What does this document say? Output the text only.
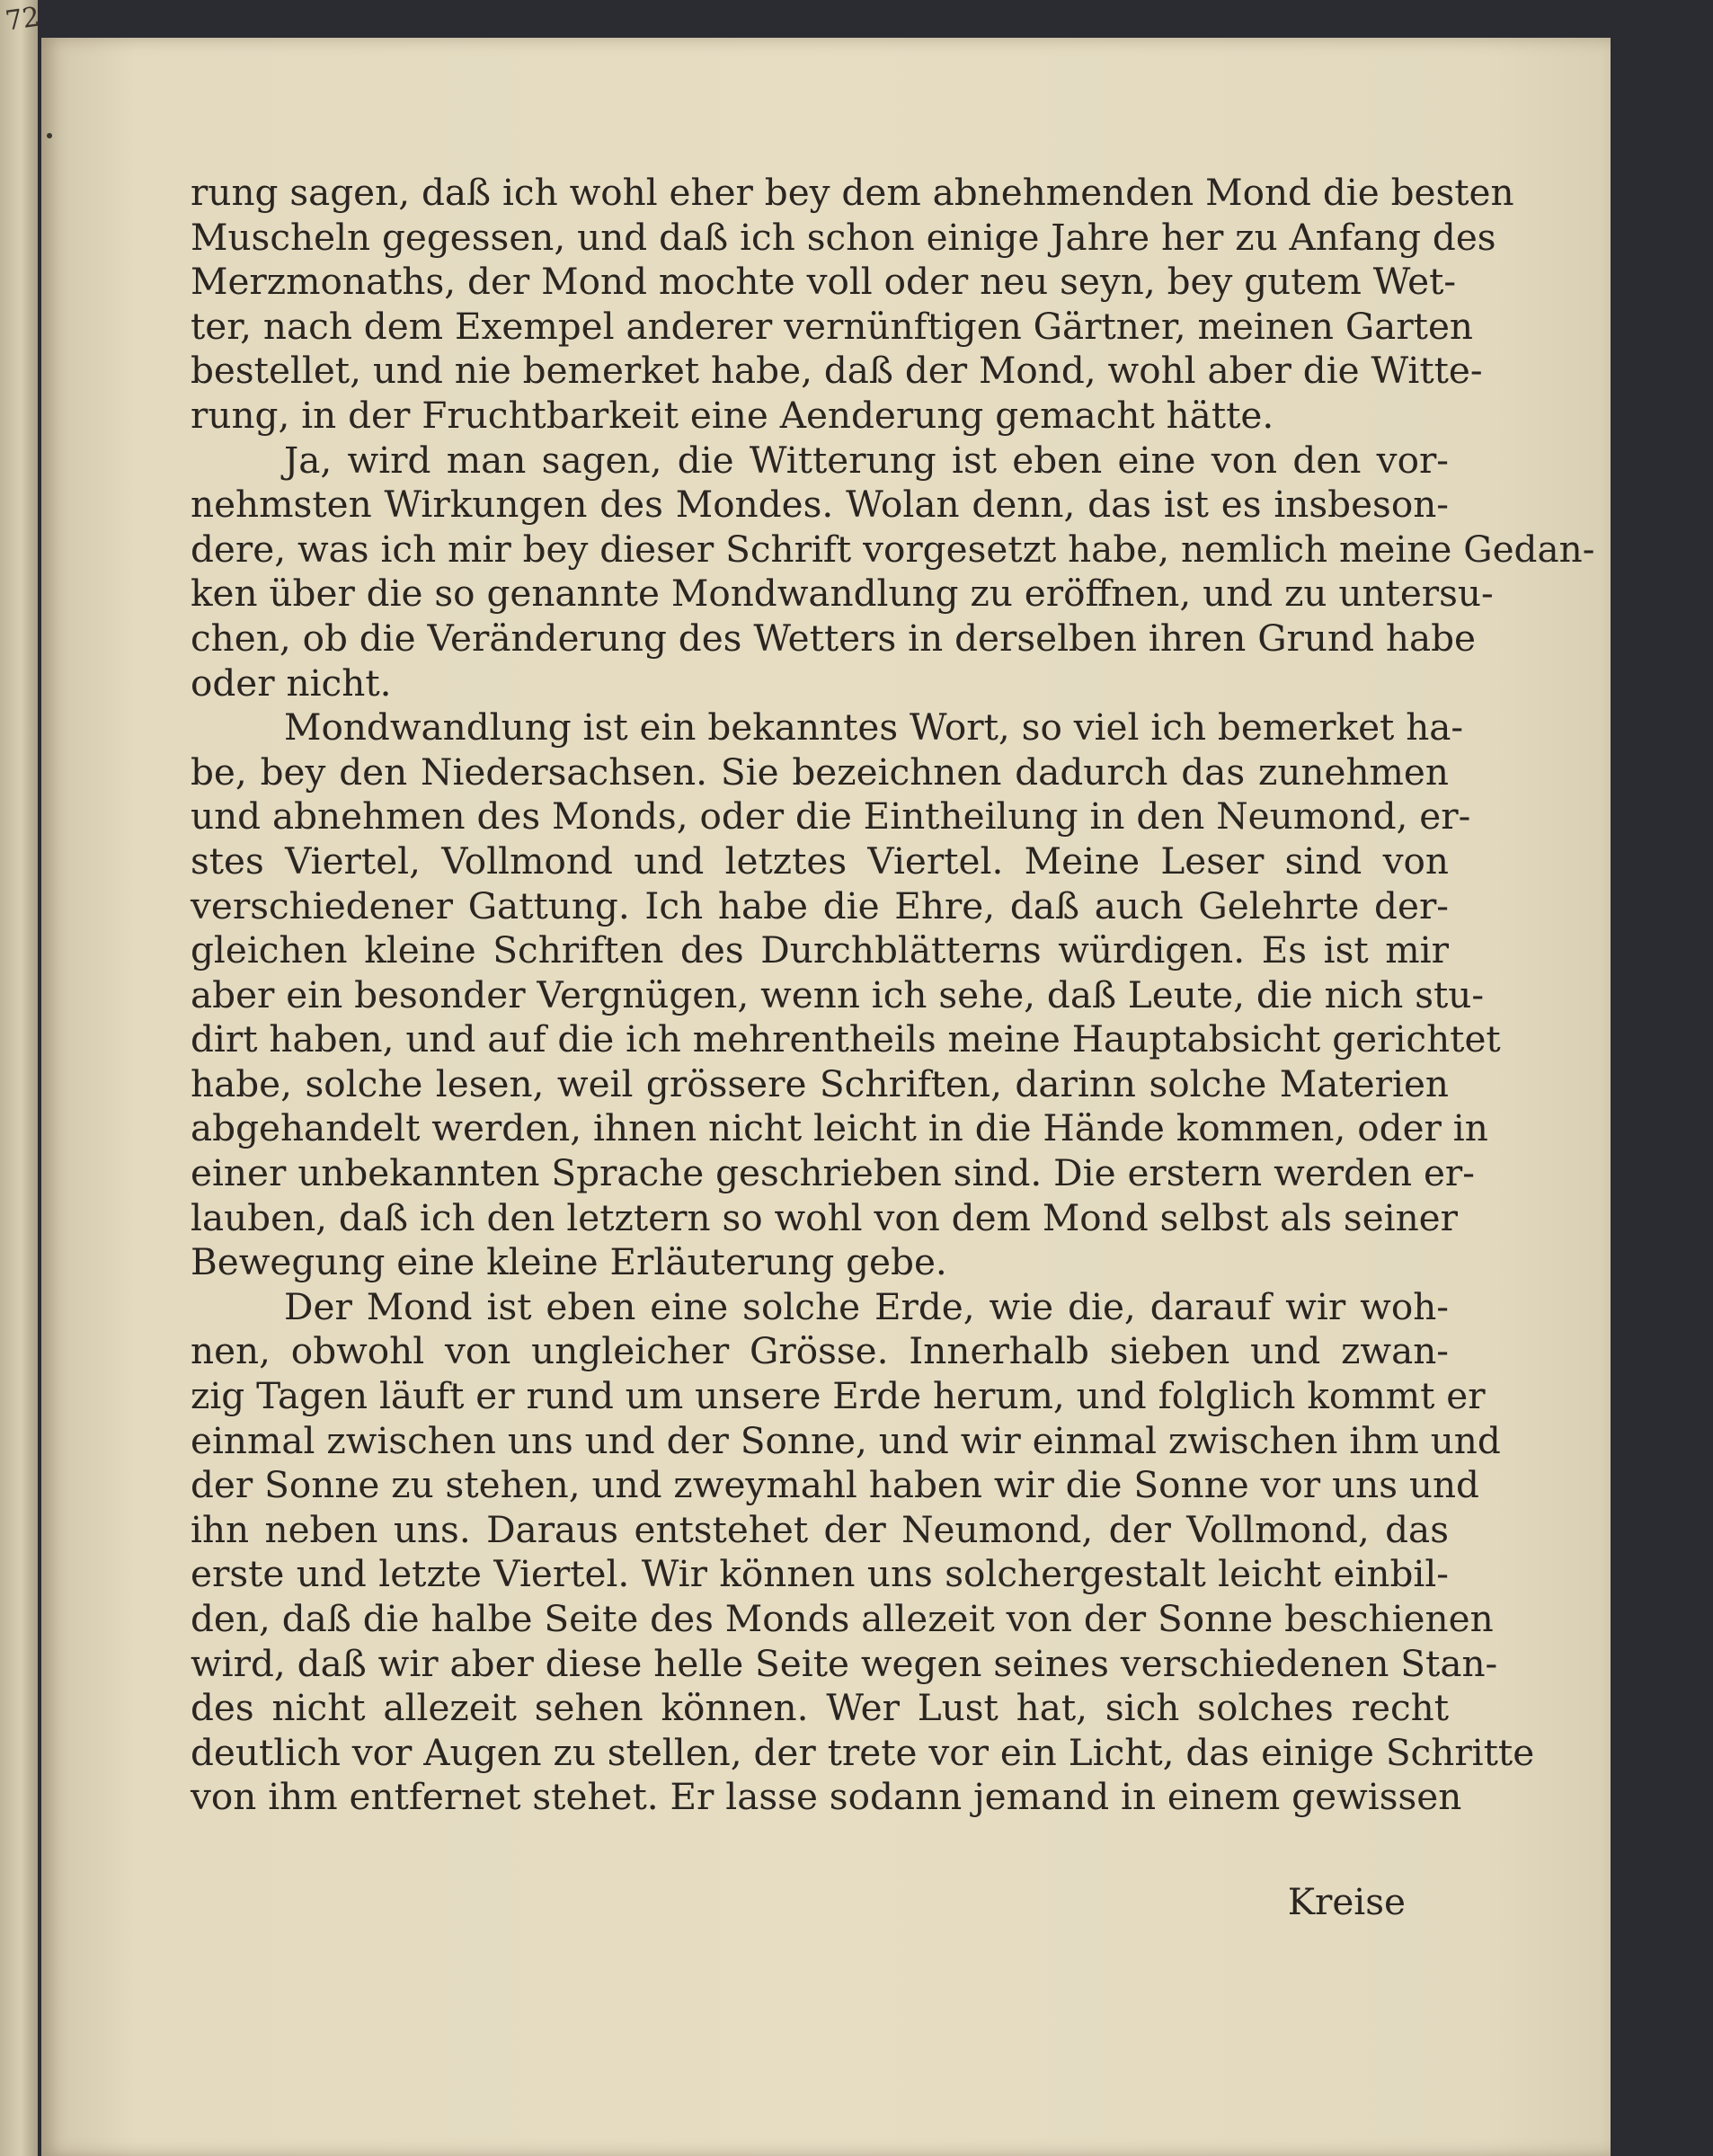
72
rung sagen, daß ich wohl eher bey dem abnehmenden Mond die besten
Muscheln gegessen, und daß ich schon einige Jahre her zu Anfang des
Merzmonaths, der Mond mochte voll oder neu seyn, bey gutem Wet-
ter, nach dem Exempel anderer vernünftigen Gärtner, meinen Garten
bestellet, und nie bemerket habe, daß der Mond, wohl aber die Witte-
rung, in der Fruchtbarkeit eine Aenderung gemacht hätte.
Ja, wird man sagen, die Witterung ist eben eine von den vor-
nehmsten Wirkungen des Mondes. Wolan denn, das ist es insbeson-
dere, was ich mir bey dieser Schrift vorgesetzt habe, nemlich meine Gedan-
ken über die so genannte Mondwandlung zu eröffnen, und zu untersu-
chen, ob die Veränderung des Wetters in derselben ihren Grund habe
oder nicht.
Mondwandlung ist ein bekanntes Wort, so viel ich bemerket ha-
be, bey den Niedersachsen. Sie bezeichnen dadurch das zunehmen
und abnehmen des Monds, oder die Eintheilung in den Neumond, er-
stes Viertel, Vollmond und letztes Viertel. Meine Leser sind von
verschiedener Gattung. Ich habe die Ehre, daß auch Gelehrte der-
gleichen kleine Schriften des Durchblätterns würdigen. Es ist mir
aber ein besonder Vergnügen, wenn ich sehe, daß Leute, die nich stu-
dirt haben, und auf die ich mehrentheils meine Hauptabsicht gerichtet
habe, solche lesen, weil grössere Schriften, darinn solche Materien
abgehandelt werden, ihnen nicht leicht in die Hände kommen, oder in
einer unbekannten Sprache geschrieben sind. Die erstern werden er-
lauben, daß ich den letztern so wohl von dem Mond selbst als seiner
Bewegung eine kleine Erläuterung gebe.
Der Mond ist eben eine solche Erde, wie die, darauf wir woh-
nen, obwohl von ungleicher Grösse. Innerhalb sieben und zwan-
zig Tagen läuft er rund um unsere Erde herum, und folglich kommt er
einmal zwischen uns und der Sonne, und wir einmal zwischen ihm und
der Sonne zu stehen, und zweymahl haben wir die Sonne vor uns und
ihn neben uns. Daraus entstehet der Neumond, der Vollmond, das
erste und letzte Viertel. Wir können uns solchergestalt leicht einbil-
den, daß die halbe Seite des Monds allezeit von der Sonne beschienen
wird, daß wir aber diese helle Seite wegen seines verschiedenen Stan-
des nicht allezeit sehen können. Wer Lust hat, sich solches recht
deutlich vor Augen zu stellen, der trete vor ein Licht, das einige Schritte
von ihm entfernet stehet. Er lasse sodann jemand in einem gewissen
Kreise
